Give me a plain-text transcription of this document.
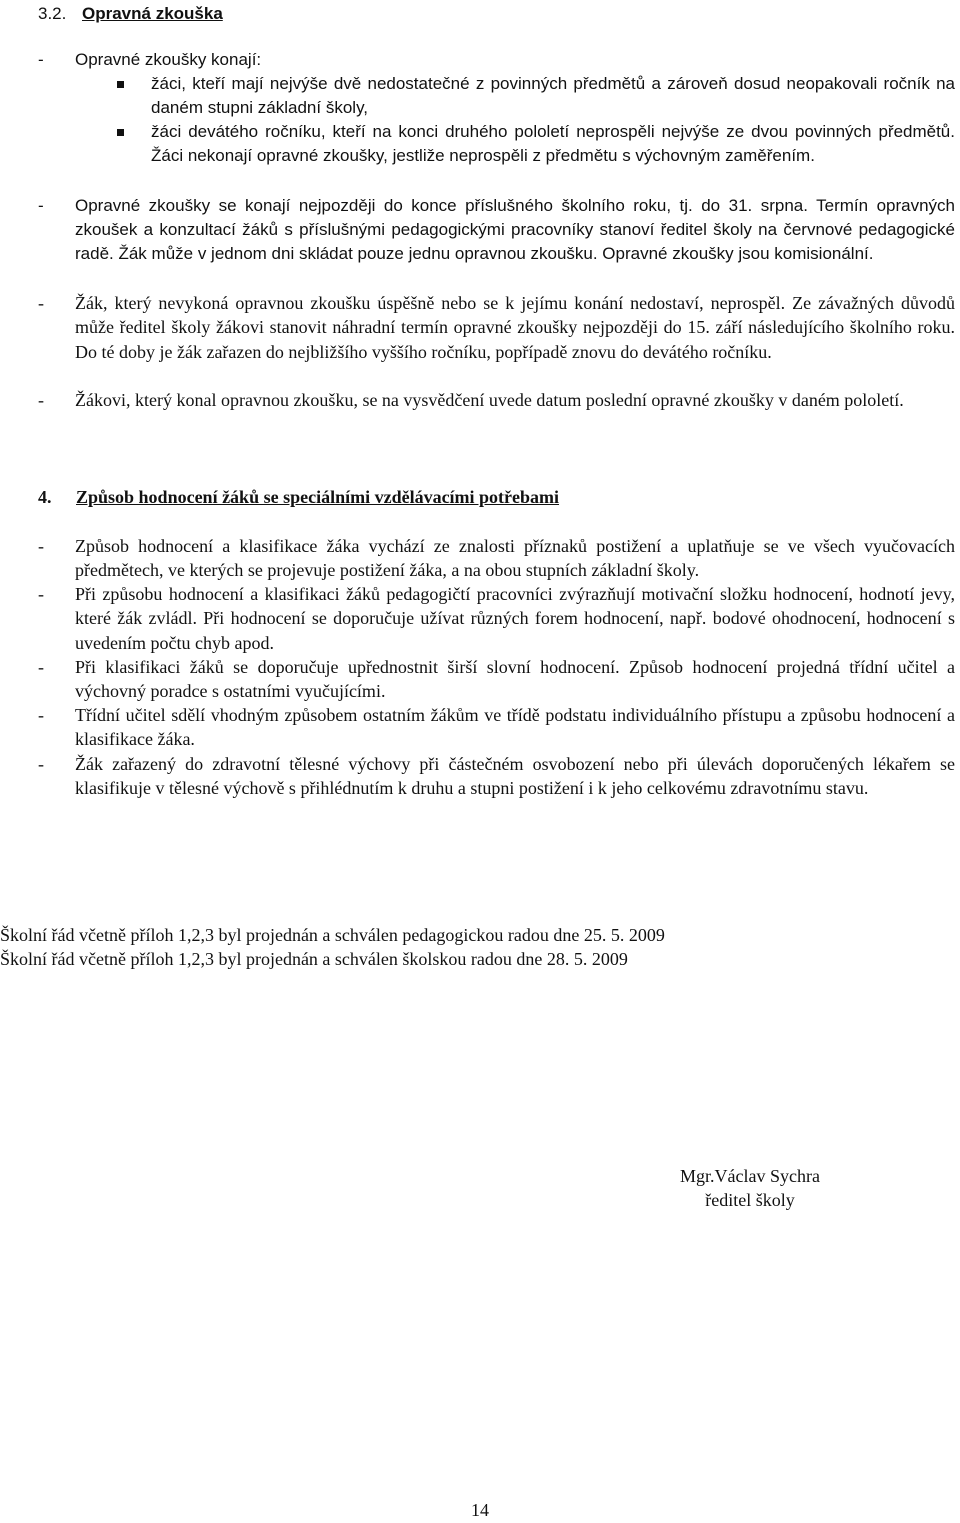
3.2. Opravná zkouška
-	Opravné zkoušky konají:
žáci, kteří mají nejvýše dvě nedostatečné z povinných předmětů a zároveň dosud neopakovali ročník na daném stupni základní školy,
žáci devátého ročníku, kteří na konci druhého pololetí neprospěli nejvýše ze dvou povinných předmětů. Žáci nekonají opravné zkoušky, jestliže neprospěli z předmětu s výchovným zaměřením.
-	Opravné zkoušky se konají nejpozději do konce příslušného školního roku, tj. do 31. srpna. Termín opravných zkoušek a konzultací žáků s příslušnými pedagogickými pracovníky stanoví ředitel školy na červnové pedagogické radě. Žák může v jednom dni skládat pouze jednu opravnou zkoušku. Opravné zkoušky jsou komisionální.
-	Žák, který nevykoná opravnou zkoušku úspěšně nebo se k jejímu konání nedostaví, neprospěl. Ze závažných důvodů může ředitel školy žákovi stanovit náhradní termín opravné zkoušky nejpozději do 15. září následujícího školního roku. Do té doby je žák zařazen do nejbližšího vyššího ročníku, popřípadě znovu do devátého ročníku.
-	Žákovi, který konal opravnou zkoušku, se na vysvědčení uvede datum poslední opravné zkoušky v daném pololetí.
4. Způsob hodnocení žáků se speciálními vzdělávacími potřebami
-	Způsob hodnocení a klasifikace žáka vychází ze znalosti příznaků postižení a uplatňuje se ve všech vyučovacích předmětech, ve kterých se projevuje postižení žáka, a na obou stupních základní školy.
-	Při způsobu hodnocení a klasifikaci žáků pedagogičtí pracovníci zvýrazňují motivační složku hodnocení, hodnotí jevy, které žák zvládl. Při hodnocení se doporučuje užívat různých forem hodnocení, např. bodové ohodnocení, hodnocení s uvedením počtu chyb apod.
-	Při klasifikaci žáků se doporučuje upřednostnit širší slovní hodnocení. Způsob hodnocení projedná třídní učitel a výchovný poradce s ostatními vyučujícími.
-	Třídní učitel sdělí vhodným způsobem ostatním žákům ve třídě podstatu individuálního přístupu a způsobu hodnocení a klasifikace žáka.
-	Žák zařazený do zdravotní tělesné výchovy při částečném osvobození nebo při úlevách doporučených lékařem se klasifikuje v tělesné výchově s přihlédnutím k druhu a stupni postižení i k jeho celkovému zdravotnímu stavu.
Školní řád včetně příloh 1,2,3 byl projednán a schválen pedagogickou radou dne 25. 5. 2009
Školní řád včetně příloh 1,2,3 byl projednán a schválen školskou radou dne 28. 5. 2009
Mgr.Václav Sychra
ředitel školy
14
